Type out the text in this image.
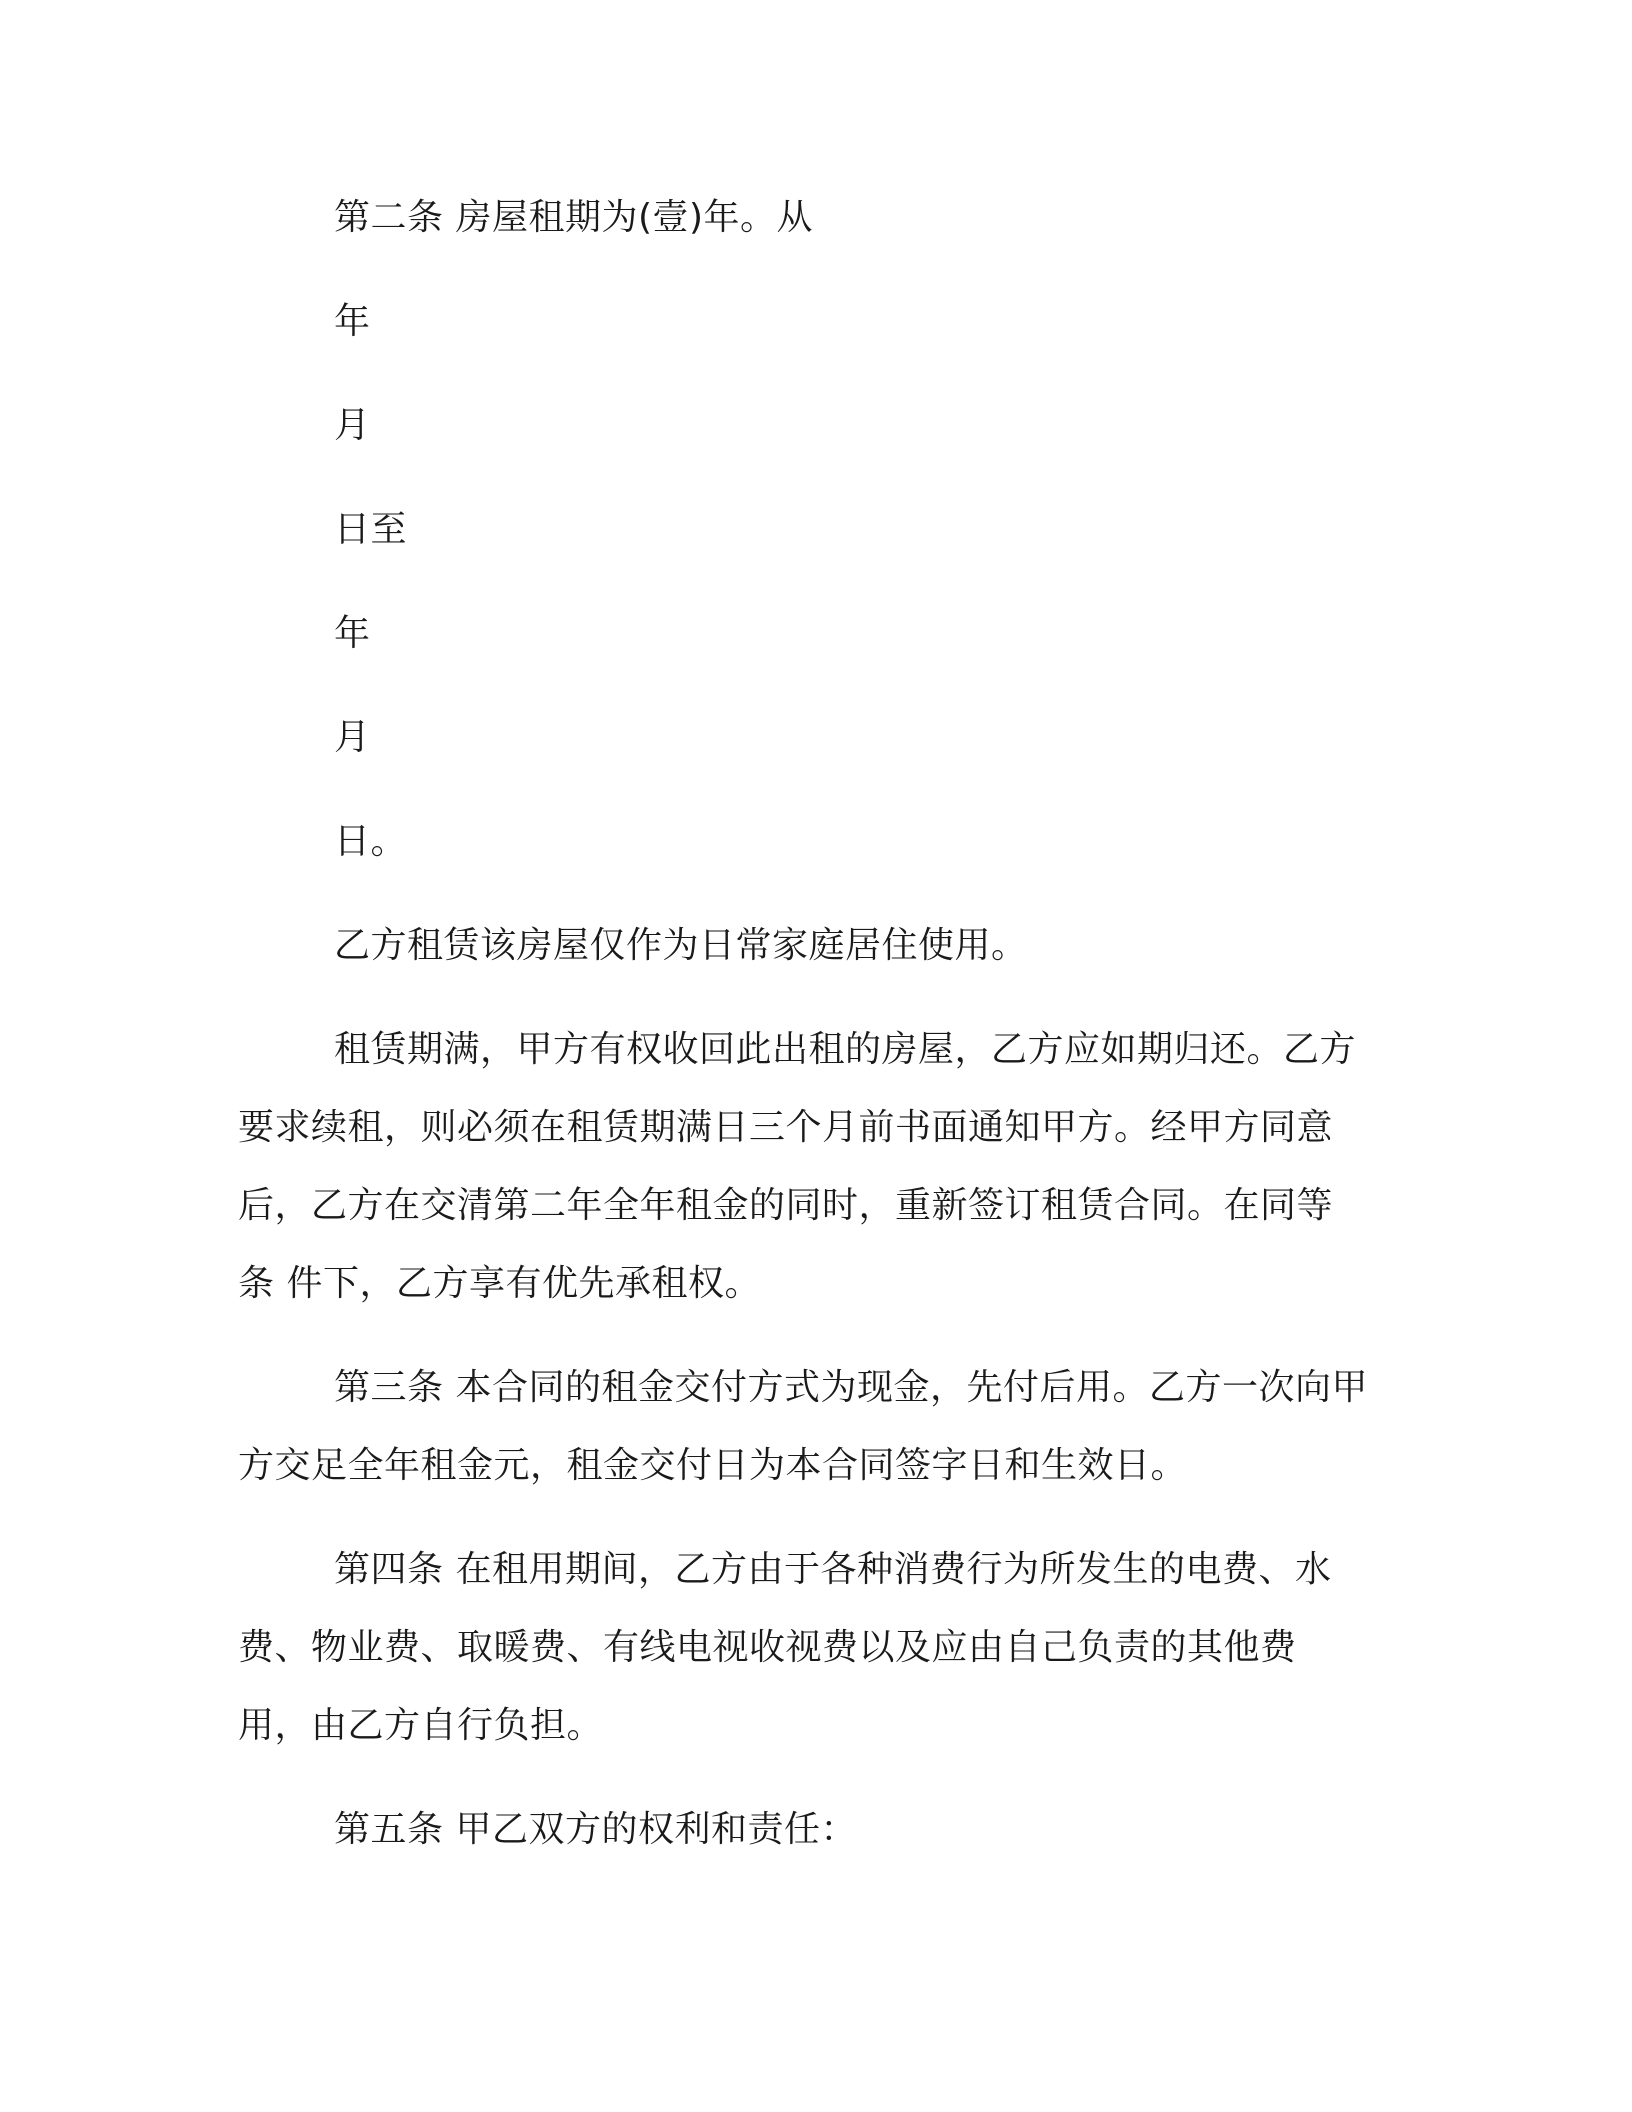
第二条 房屋租期为(壹)年。从

年

月

日至

年

月

日。

乙方租赁该房屋仅作为日常家庭居住使用。

租赁期满，甲方有权收回此出租的房屋，乙方应如期归还。乙方

要求续租，则必须在租赁期满日三个月前书面通知甲方。经甲方同意

后，乙方在交清第二年全年租金的同时，重新签订租赁合同。在同等

条 件下，乙方享有优先承租权。

第三条 本合同的租金交付方式为现金，先付后用。乙方一次向甲

方交足全年租金元，租金交付日为本合同签字日和生效日。

第四条 在租用期间，乙方由于各种消费行为所发生的电费、水

费、物业费、取暖费、有线电视收视费以及应由自己负责的其他费

用，由乙方自行负担。

第五条 甲乙双方的权利和责任：
